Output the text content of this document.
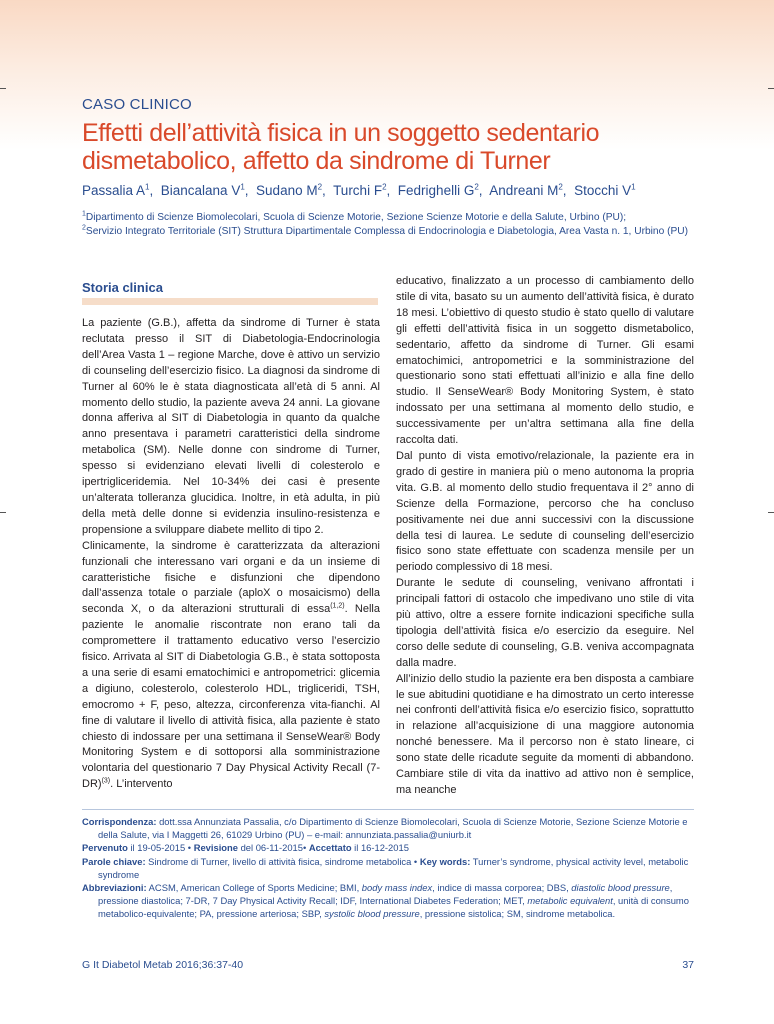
CASO CLINICO
Effetti dell’attività fisica in un soggetto sedentario dismetabolico, affetto da sindrome di Turner
Passalia $A^1$,  Biancalana $V^1$,  Sudano $M^2$,  Turchi $F^2$,  Fedrighelli $G^2$,  Andreani $M^2$,  Stocchi $V^1$
$^1$Dipartimento di Scienze Biomolecolari, Scuola di Scienze Motorie, Sezione Scienze Motorie e della Salute, Urbino (PU);
$^2$Servizio Integrato Territoriale (SIT) Struttura Dipartimentale Complessa di Endocrinologia e Diabetologia, Area Vasta n. 1, Urbino (PU)
Storia clinica

La paziente (G.B.), affetta da sindrome di Turner è stata reclutata presso il SIT di Diabetologia-Endocrinologia dell’Area Vasta 1 – regione Marche, dove è attivo un servizio di counseling dell’esercizio fisico. La diagnosi da sindrome di Turner al 60% le è stata diagnosticata all’età di 5 anni. Al momento dello studio, la paziente aveva 24 anni. La giovane donna afferiva al SIT di Diabetologia in quanto da qualche anno presentava i parametri caratteristici della sindrome metabolica (SM). Nelle donne con sindrome di Turner, spesso si evidenziano elevati livelli di colesterolo e ipertrigliceridemia. Nel 10-34% dei casi è presente un’alterata tolleranza glucidica. Inoltre, in età adulta, in più della metà delle donne si evidenzia insulino-resistenza e propensione a sviluppare diabete mellito di tipo 2.

Clinicamente, la sindrome è caratterizzata da alterazioni funzionali che interessano vari organi e da un insieme di caratteristiche fisiche e disfunzioni che dipendono dall’assenza totale o parziale (aploX o mosaicismo) della seconda X, o da alterazioni strutturali di essa$^{(1,2)}$. Nella paziente le anomalie riscontrate non erano tali da compromettere il trattamento educativo verso l’esercizio fisico. Arrivata al SIT di Diabetologia G.B., è stata sottoposta a una serie di esami ematochimici e antropometrici: glicemia a digiuno, colesterolo, colesterolo HDL, trigliceridi, TSH, emocromo + F, peso, altezza, circonferenza vita-fianchi. Al fine di valutare il livello di attività fisica, alla paziente è stato chiesto di indossare per una settimana il SenseWear® Body Monitoring System e di sottoporsi alla somministrazione volontaria del questionario 7 Day Physical Activity Recall $(7-DR)^{(3)}$. L’intervento

educativo, finalizzato a un processo di cambiamento dello stile di vita, basato su un aumento dell’attività fisica, è durato 18 mesi. L’obiettivo di questo studio è stato quello di valutare gli effetti dell’attività fisica in un soggetto dismetabolico, sedentario, affetto da sindrome di Turner. Gli esami ematochimici, antropometrici e la somministrazione del questionario sono stati effettuati all’inizio e alla fine dello studio. Il SenseWear® Body Monitoring System, è stato indossato per una settimana al momento dello studio, e successivamente per un’altra settimana alla fine della raccolta dati.

Dal punto di vista emotivo/relazionale, la paziente era in grado di gestire in maniera più o meno autonoma la propria vita. G.B. al momento dello studio frequentava il 2° anno di Scienze della Formazione, percorso che ha concluso positivamente nei due anni successivi con la discussione della tesi di laurea. Le sedute di counseling dell’esercizio fisico sono state effettuate con scadenza mensile per un periodo complessivo di 18 mesi.

Durante le sedute di counseling, venivano affrontati i principali fattori di ostacolo che impedivano uno stile di vita più attivo, oltre a essere fornite indicazioni specifiche sulla tipologia dell’attività fisica e/o esercizio da eseguire. Nel corso delle sedute di counseling, G.B. veniva accompagnata dalla madre.

All’inizio dello studio la paziente era ben disposta a cambiare le sue abitudini quotidiane e ha dimostrato un certo interesse nei confronti dell’attività fisica e/o esercizio fisico, soprattutto in relazione all’acquisizione di una maggiore autonomia nonché benessere. Ma il percorso non è stato lineare, ci sono state delle ricadute seguite da momenti di abbandono. Cambiare stile di vita da inattivo ad attivo non è semplice, ma neanche

Corrispondenza: dott.ssa Annunziata Passalia, c/o Dipartimento di Scienze Biomolecolari, Scuola di Scienze Motorie, Sezione Scienze Motorie e della Salute, via I Maggetti 26, 61029 Urbino (PU) – e-mail: annunziata.passalia@uniurb.it

Pervenuto il 19-05-2015 • Revisione del 06-11-2015• Accettato il 16-12-2015

Parole chiave: Sindrome di Turner, livello di attività fisica, sindrome metabolica • Key words: Turner’s syndrome, physical activity level, metabolic syndrome

Abbreviazioni: ACSM, American College of Sports Medicine; BMI, body mass index, indice di massa corporea; DBS, diastolic blood pressure, pressione diastolica; 7-DR, 7 Day Physical Activity Recall; IDF, International Diabetes Federation; MET, metabolic equivalent, unità di consumo metabolico-equivalente; PA, pressione arteriosa; SBP, systolic blood pressure, pressione sistolica; SM, sindrome metabolica.

G It Diabetol Metab 2016;36:37-40	37
